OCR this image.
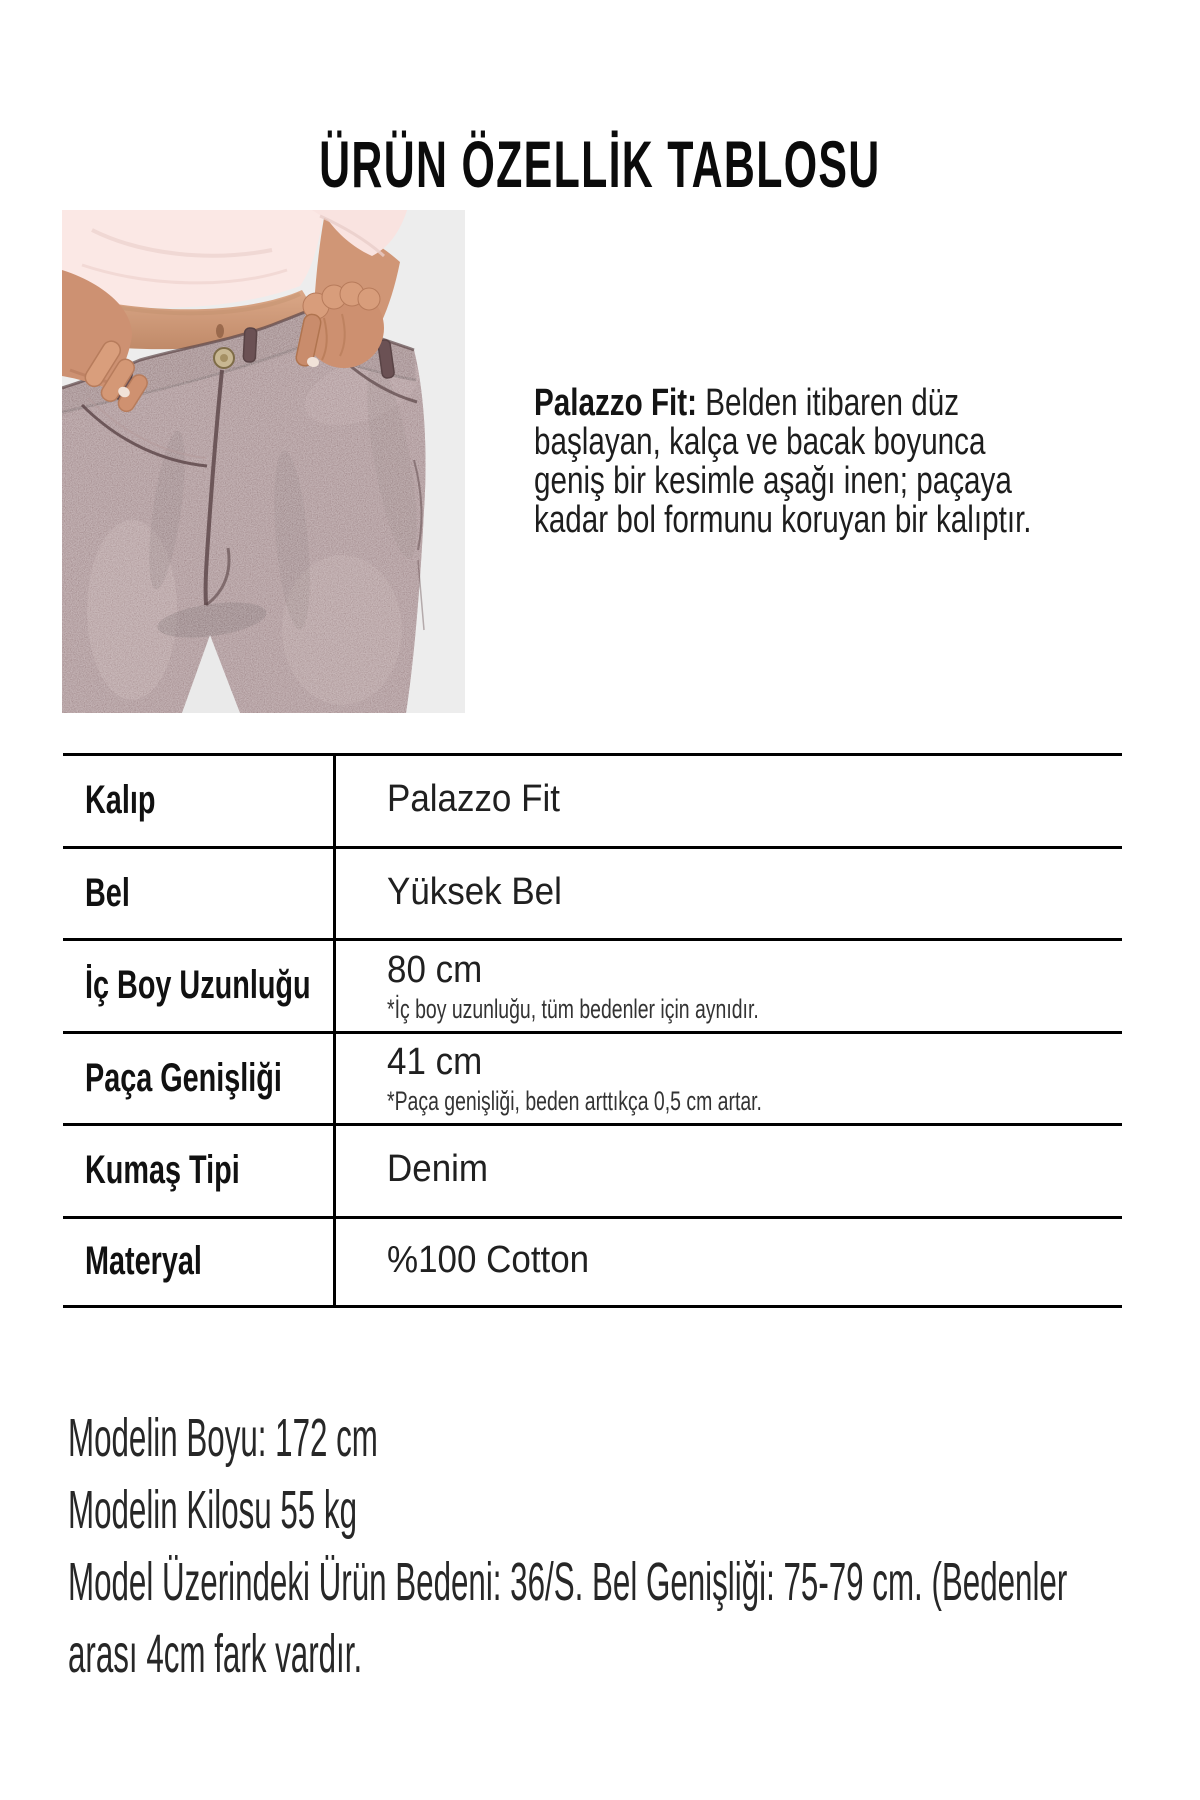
ÜRÜN ÖZELLİK TABLOSU
Palazzo Fit: Belden itibaren düz
başlayan, kalça ve bacak boyunca
geniş bir kesimle aşağı inen; paçaya
kadar bol formunu koruyan bir kalıptır.
Kalıp	Palazzo Fit
Bel	Yüksek Bel
İç Boy Uzunluğu 80 cm
*İç boy uzunluğu, tüm bedenler için aynıdır.
Paça Genişliği	41 cm
*Paça genişliği, beden arttıkça 0,5 cm artar.
Kumaş Tipi	Denim
Materyal	%100 Cotton
Modelin Boyu: 172 cm
Modelin Kilosu 55 kg
Model Üzerindeki Ürün Bedeni: 36/S. Bel Genişliği: 75-79 cm. (Bedenler
arası 4cm fark vardır.
